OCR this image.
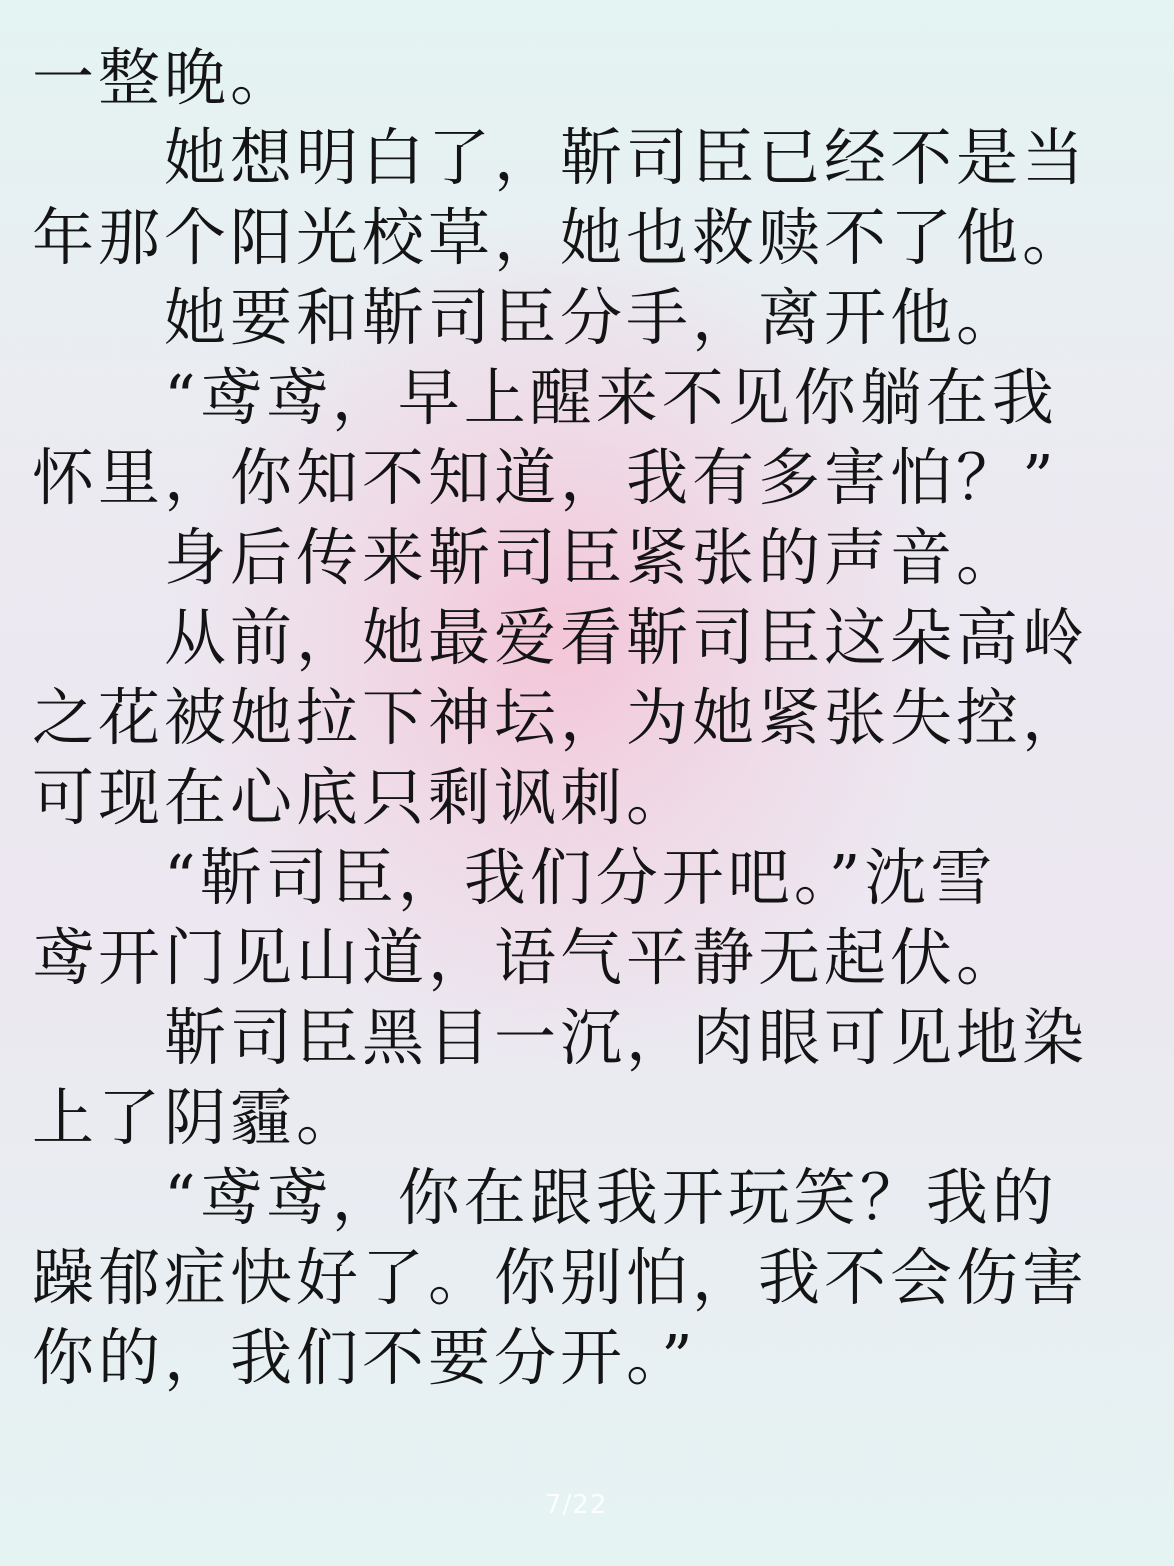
一整晚。
她想明白了，靳司臣已经不是当
年那个阳光校草，她也救赎不了他。
她要和靳司臣分手，离开他。
“鸢鸢，早上醒来不见你躺在我
怀里，你知不知道，我有多害怕？”
身后传来靳司臣紧张的声音。
从前，她最爱看靳司臣这朵高岭
之花被她拉下神坛，为她紧张失控，
可现在心底只剩讽刺。
“靳司臣，我们分开吧。”沈雪
鸢开门见山道，语气平静无起伏。
靳司臣黑目一沉，肉眼可见地染
上了阴霾。
“鸢鸢，你在跟我开玩笑？我的
躁郁症快好了。你别怕，我不会伤害
你的，我们不要分开。”
7/22
